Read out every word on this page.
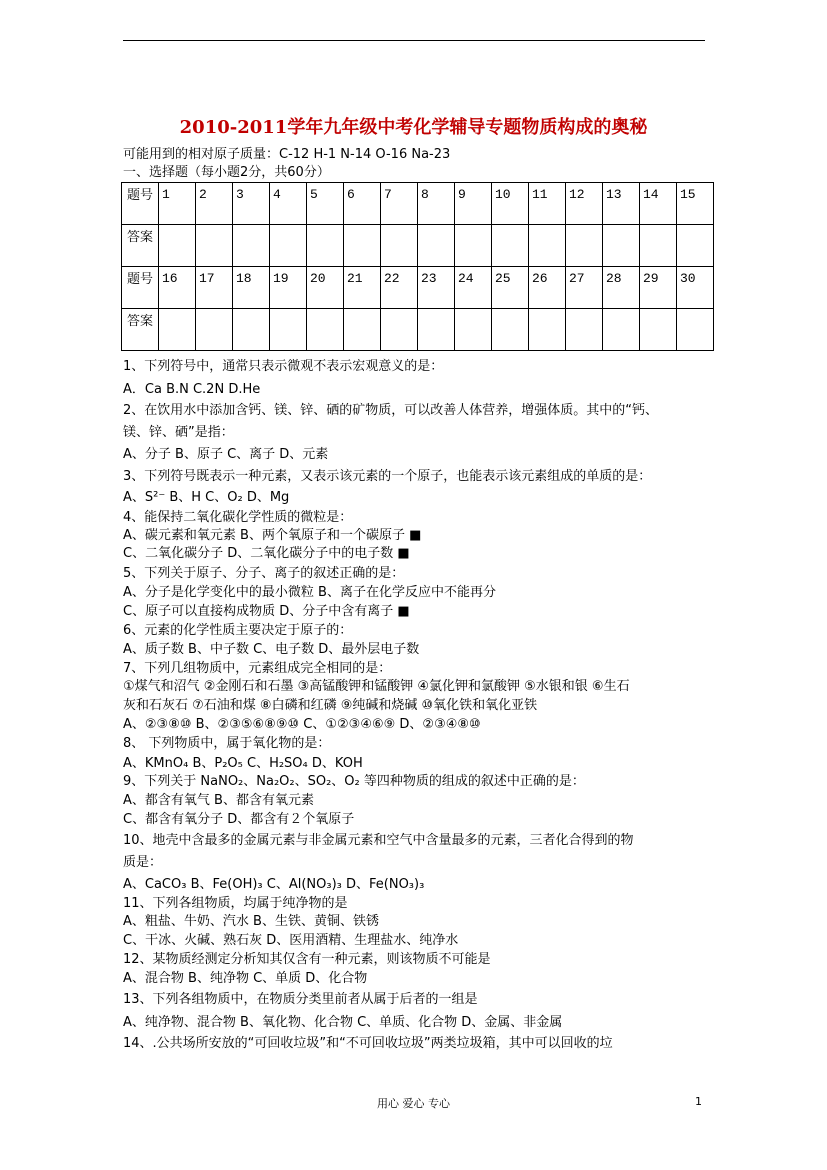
2010-2011学年九年级中考化学辅导专题物质构成的奥秘
可能用到的相对原子质量：C-12 H-1 N-14 O-16 Na-23
一、选择题（每小题2分，共60分）
题号	1	2	3	4	5	6	7	8	9	10	11	12	13	14	15
答案															
题号	16	17	18	19	20	21	22	23	24	25	26	27	28	29	30
答案															
1、下列符号中，通常只表示微观不表示宏观意义的是：
A．Ca B.N C.2N D.He
2、在饮用水中添加含钙、镁、锌、硒的矿物质，可以改善人体营养，增强体质。其中的“钙、
镁、锌、硒”是指：
A、分子 B、原子 C、离子 D、元素
3、下列符号既表示一种元素，又表示该元素的一个原子，也能表示该元素组成的单质的是：
A、S²⁻ B、H C、O₂ D、Mg
4、能保持二氧化碳化学性质的微粒是：
A、碳元素和氧元素 B、两个氧原子和一个碳原子 ■
C、二氧化碳分子 D、二氧化碳分子中的电子数 ■
5、下列关于原子、分子、离子的叙述正确的是：
A、分子是化学变化中的最小微粒 B、离子在化学反应中不能再分
C、原子可以直接构成物质 D、分子中含有离子 ■
6、元素的化学性质主要决定于原子的：
A、质子数 B、中子数 C、电子数 D、最外层电子数
7、下列几组物质中，元素组成完全相同的是：
①煤气和沼气 ②金刚石和石墨 ③高锰酸钾和锰酸钾 ④氯化钾和氯酸钾 ⑤水银和银 ⑥生石
灰和石灰石 ⑦石油和煤 ⑧白磷和红磷 ⑨纯碱和烧碱 ⑩氧化铁和氧化亚铁
A、②③⑧⑩ B、②③⑤⑥⑧⑨⑩ C、①②③④⑥⑨ D、②③④⑧⑩
8、 下列物质中，属于氧化物的是：
A、KMnO₄ B、P₂O₅ C、H₂SO₄ D、KOH
9、下列关于 NaNO₂、Na₂O₂、SO₂、O₂ 等四种物质的组成的叙述中正确的是：
A、都含有氧气 B、都含有氧元素
C、都含有氧分子 D、都含有２个氧原子
10、地壳中含最多的金属元素与非金属元素和空气中含量最多的元素，三者化合得到的物
质是：
A、CaCO₃ B、Fe(OH)₃ C、Al(NO₃)₃ D、Fe(NO₃)₃
11、下列各组物质，均属于纯净物的是
A、粗盐、牛奶、汽水 B、生铁、黄铜、铁锈
C、干冰、火碱、熟石灰 D、医用酒精、生理盐水、纯净水
12、某物质经测定分析知其仅含有一种元素，则该物质不可能是
A、混合物 B、纯净物 C、单质 D、化合物
13、下列各组物质中，在物质分类里前者从属于后者的一组是
A、纯净物、混合物 B、氧化物、化合物 C、单质、化合物 D、金属、非金属
14、.公共场所安放的“可回收垃圾”和“不可回收垃圾”两类垃圾箱，其中可以回收的垃
用心 爱心 专心	1
